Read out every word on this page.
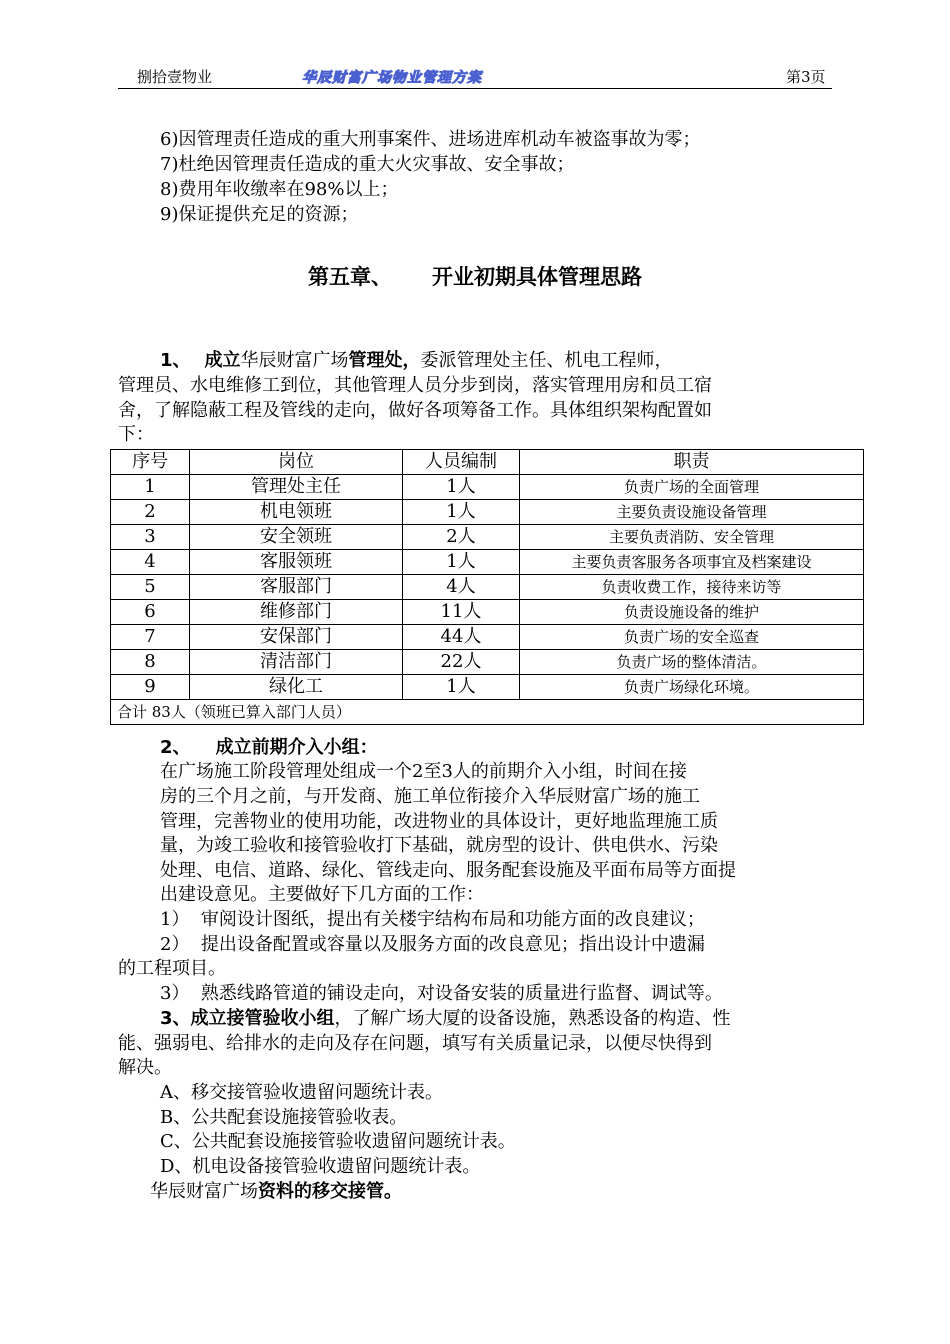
捌拾壹物业	华辰财富广场物业管理方案	第3页
6)因管理责任造成的重大刑事案件、进场进库机动车被盗事故为零；
7)杜绝因管理责任造成的重大火灾事故、安全事故；
8)费用年收缴率在98%以上；
9)保证提供充足的资源；
第五章、 开业初期具体管理思路
1、 成立华辰财富广场管理处，委派管理处主任、机电工程师，
管理员、水电维修工到位，其他管理人员分步到岗，落实管理用房和员工宿
舍，了解隐蔽工程及管线的走向，做好各项筹备工作。具体组织架构配置如
下：
序号	岗位	人员编制	职责
1	管理处主任	1人	负责广场的全面管理
2	机电领班	1人	主要负责设施设备管理
3	安全领班	2人	主要负责消防、安全管理
4	客服领班	1人	主要负责客服务各项事宜及档案建设
5	客服部门	4人	负责收费工作，接待来访等
6	维修部门	11人	负责设施设备的维护
7	安保部门	44人	负责广场的安全巡查
8	清洁部门	22人	负责广场的整体清洁。
9	绿化工	1人	负责广场绿化环境。
合计 83人（领班已算入部门人员）			
2、    成立前期介入小组：
在广场施工阶段管理处组成一个2至3人的前期介入小组，时间在接
房的三个月之前，与开发商、施工单位衔接介入华辰财富广场的施工
管理，完善物业的使用功能，改进物业的具体设计，更好地监理施工质
量，为竣工验收和接管验收打下基础，就房型的设计、供电供水、污染
处理、电信、道路、绿化、管线走向、服务配套设施及平面布局等方面提
出建设意见。主要做好下几方面的工作：
1）  审阅设计图纸，提出有关楼宇结构布局和功能方面的改良建议；
2）  提出设备配置或容量以及服务方面的改良意见；指出设计中遗漏
的工程项目。
3）  熟悉线路管道的铺设走向，对设备安装的质量进行监督、调试等。
3、成立接管验收小组，了解广场大厦的设备设施，熟悉设备的构造、性
能、强弱电、给排水的走向及存在问题，填写有关质量记录，以便尽快得到
解决。
A、移交接管验收遗留问题统计表。
B、公共配套设施接管验收表。
C、公共配套设施接管验收遗留问题统计表。
D、机电设备接管验收遗留问题统计表。
华辰财富广场资料的移交接管。
